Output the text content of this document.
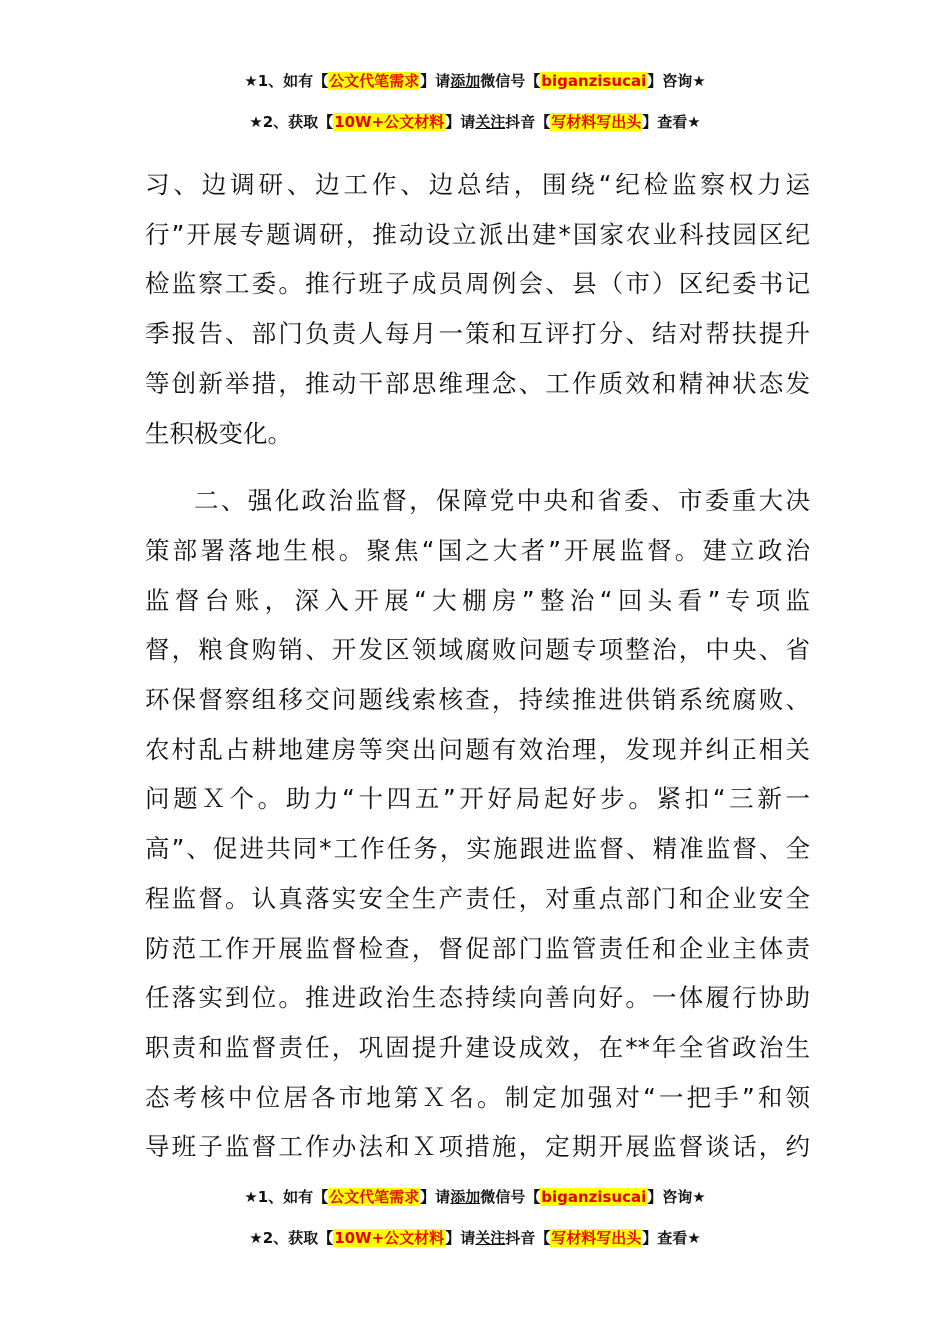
★1、如有【公文代笔需求】请添加微信号【biganzisucai】咨询★
★2、获取【10W+公文材料】请关注抖音【写材料写出头】查看★

习、边调研、边工作、边总结，围绕“纪检监察权力运
行”开展专题调研，推动设立派出建*国家农业科技园区纪
检监察工委。推行班子成员周例会、县（市）区纪委书记
季报告、部门负责人每月一策和互评打分、结对帮扶提升
等创新举措，推动干部思维理念、工作质效和精神状态发
生积极变化。

二、强化政治监督，保障党中央和省委、市委重大决
策部署落地生根。聚焦“国之大者”开展监督。建立政治
监督台账，深入开展“大棚房”整治“回头看”专项监
督，粮食购销、开发区领域腐败问题专项整治，中央、省
环保督察组移交问题线索核查，持续推进供销系统腐败、
农村乱占耕地建房等突出问题有效治理，发现并纠正相关
问题Ｘ个。助力“十四五”开好局起好步。紧扣“三新一
高”、促进共同*工作任务，实施跟进监督、精准监督、全
程监督。认真落实安全生产责任，对重点部门和企业安全
防范工作开展监督检查，督促部门监管责任和企业主体责
任落实到位。推进政治生态持续向善向好。一体履行协助
职责和监督责任，巩固提升建设成效，在**年全省政治生
态考核中位居各市地第Ｘ名。制定加强对“一把手”和领
导班子监督工作办法和Ｘ项措施，定期开展监督谈话，约

★1、如有【公文代笔需求】请添加微信号【biganzisucai】咨询★
★2、获取【10W+公文材料】请关注抖音【写材料写出头】查看★
